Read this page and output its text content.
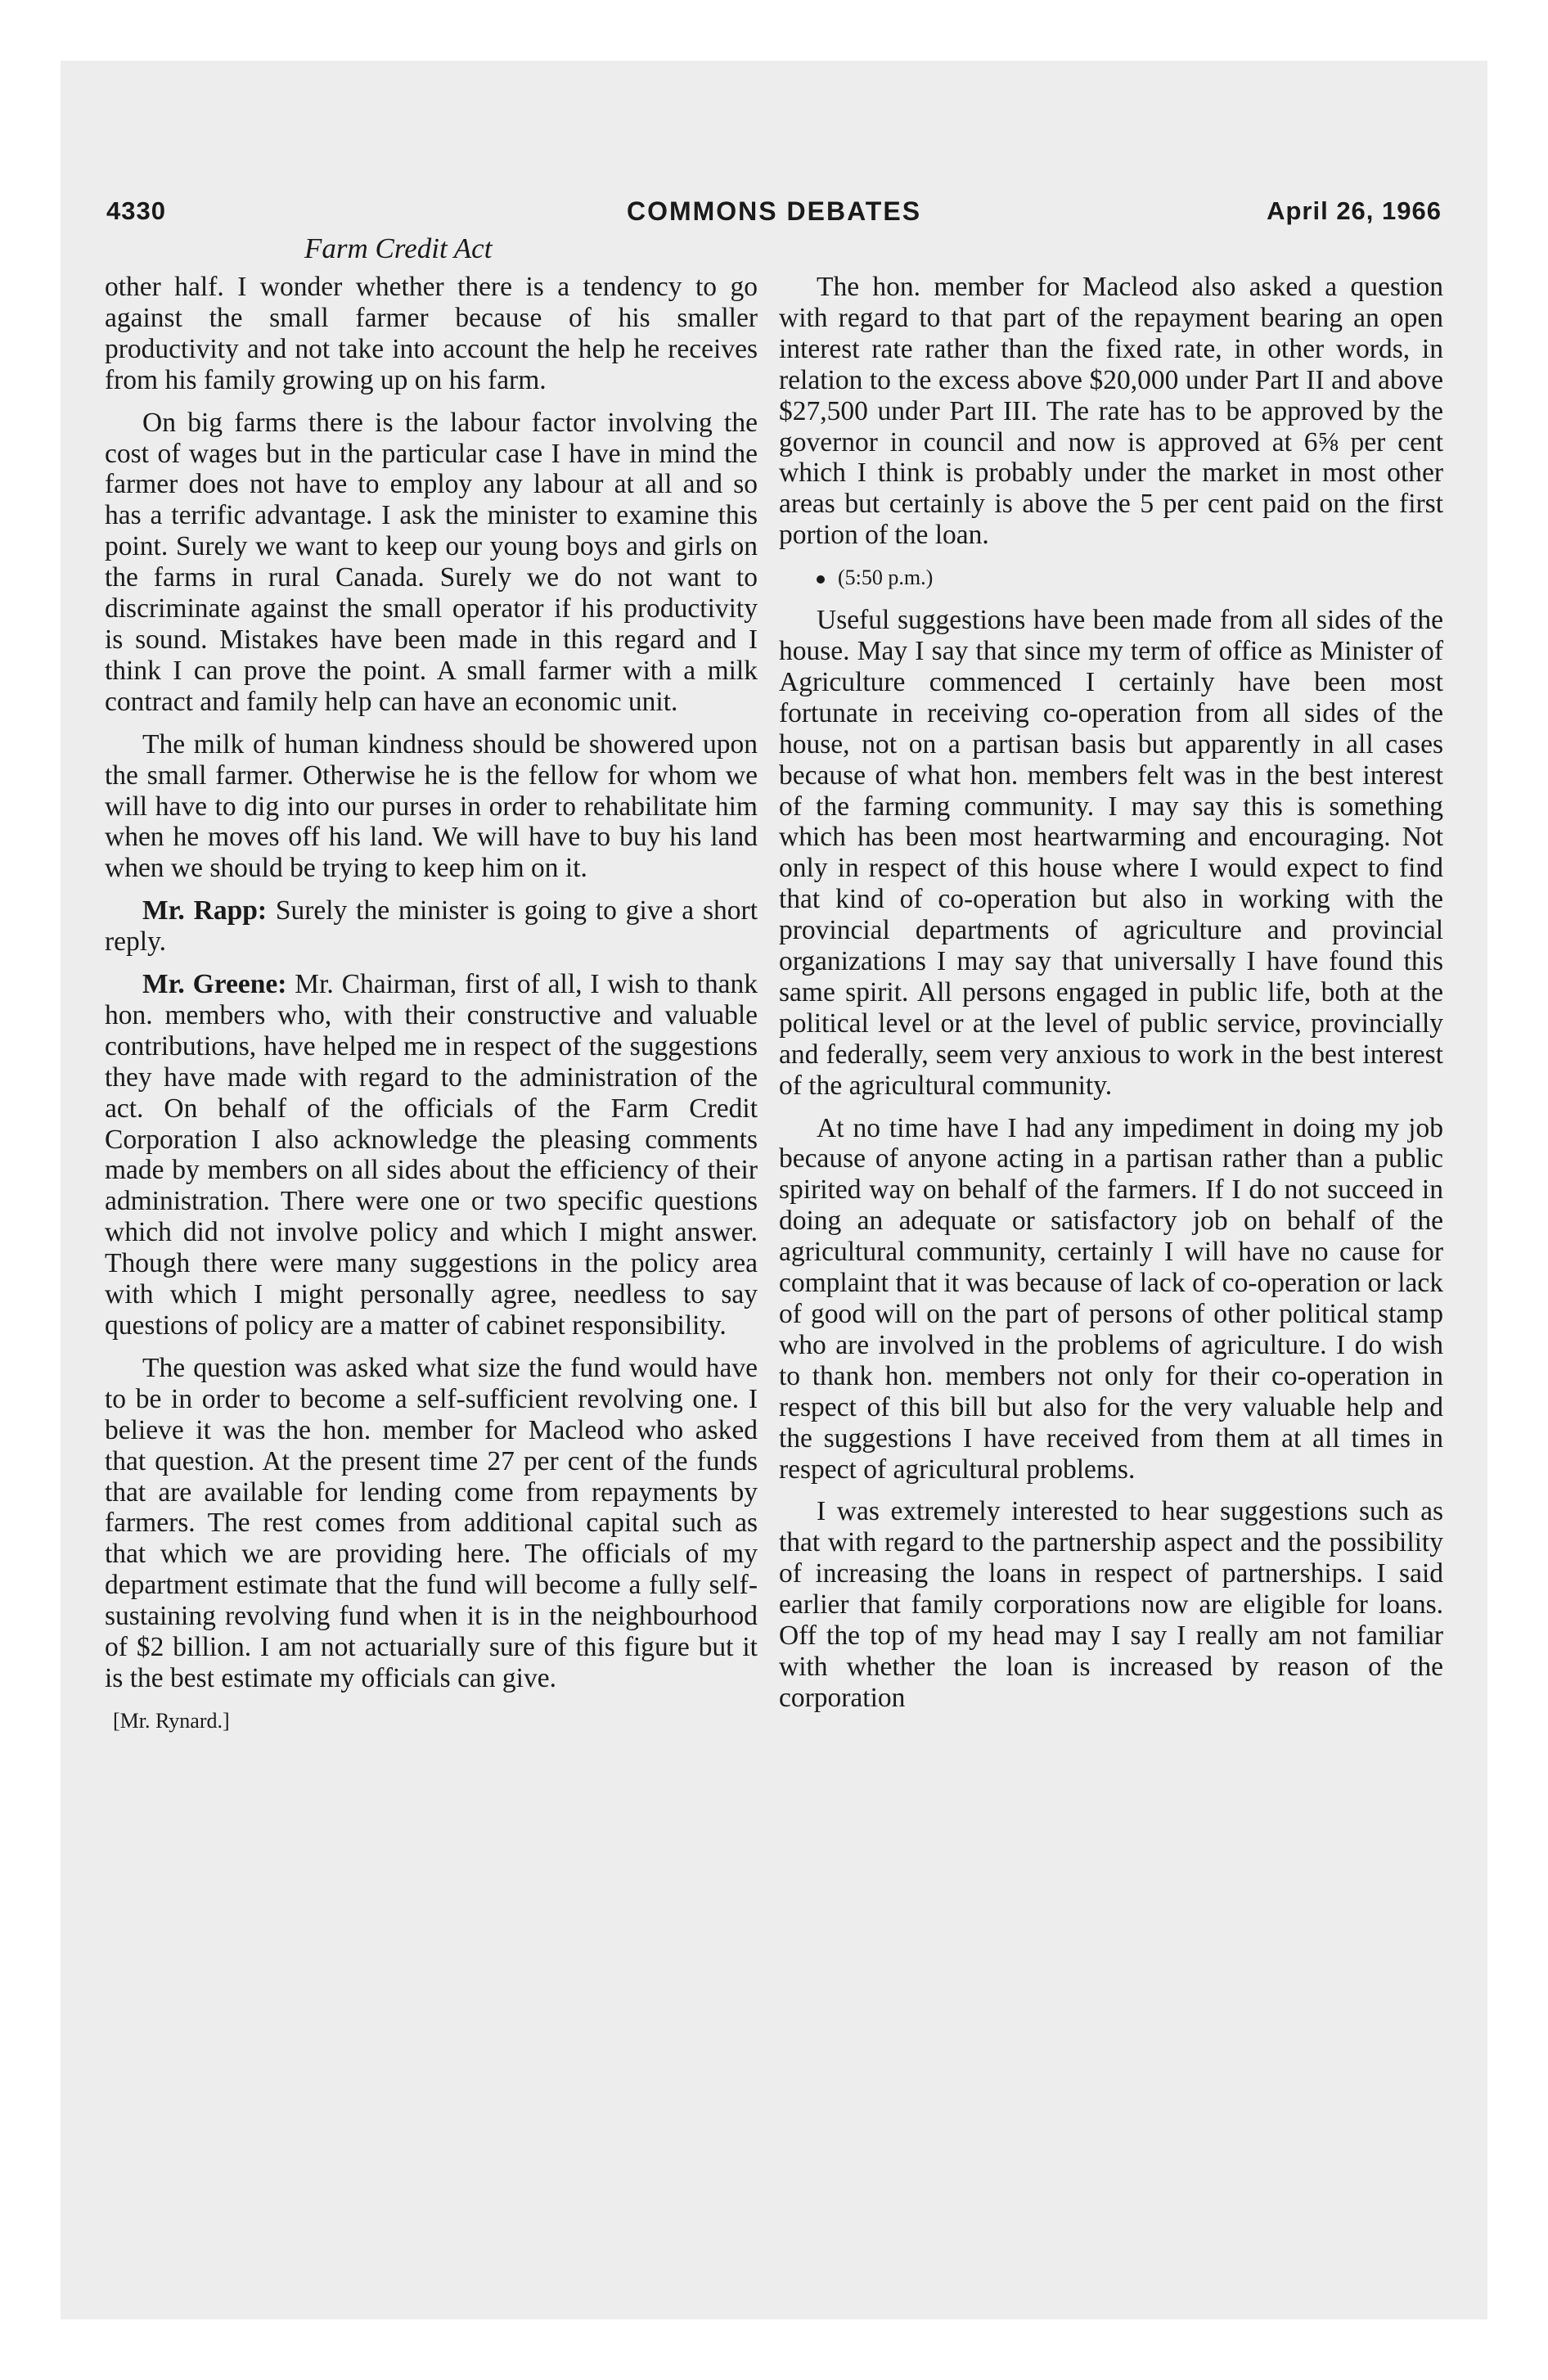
4330	COMMONS DEBATES	April 26, 1966
Farm Credit Act

other half. I wonder whether there is a tendency to go against the small farmer because of his smaller productivity and not take into account the help he receives from his family growing up on his farm.

On big farms there is the labour factor involving the cost of wages but in the particular case I have in mind the farmer does not have to employ any labour at all and so has a terrific advantage. I ask the minister to examine this point. Surely we want to keep our young boys and girls on the farms in rural Canada. Surely we do not want to discriminate against the small operator if his productivity is sound. Mistakes have been made in this regard and I think I can prove the point. A small farmer with a milk contract and family help can have an economic unit.

The milk of human kindness should be showered upon the small farmer. Otherwise he is the fellow for whom we will have to dig into our purses in order to rehabilitate him when he moves off his land. We will have to buy his land when we should be trying to keep him on it.

Mr. Rapp: Surely the minister is going to give a short reply.

Mr. Greene: Mr. Chairman, first of all, I wish to thank hon. members who, with their constructive and valuable contributions, have helped me in respect of the suggestions they have made with regard to the administration of the act. On behalf of the officials of the Farm Credit Corporation I also acknowledge the pleasing comments made by members on all sides about the efficiency of their administration. There were one or two specific questions which did not involve policy and which I might answer. Though there were many suggestions in the policy area with which I might personally agree, needless to say questions of policy are a matter of cabinet responsibility.

The question was asked what size the fund would have to be in order to become a self-sufficient revolving one. I believe it was the hon. member for Macleod who asked that question. At the present time 27 per cent of the funds that are available for lending come from repayments by farmers. The rest comes from additional capital such as that which we are providing here. The officials of my department estimate that the fund will become a fully self-sustaining revolving fund when it is in the neighbourhood of $2 billion. I am not actuarially sure of this figure but it is the best estimate my officials can give.

[Mr. Rynard.]

The hon. member for Macleod also asked a question with regard to that part of the repayment bearing an open interest rate rather than the fixed rate, in other words, in relation to the excess above $20,000 under Part II and above $27,500 under Part III. The rate has to be approved by the governor in council and now is approved at 6⅝ per cent which I think is probably under the market in most other areas but certainly is above the 5 per cent paid on the first portion of the loan.

(5:50 p.m.)

Useful suggestions have been made from all sides of the house. May I say that since my term of office as Minister of Agriculture commenced I certainly have been most fortunate in receiving co-operation from all sides of the house, not on a partisan basis but apparently in all cases because of what hon. members felt was in the best interest of the farming community. I may say this is something which has been most heartwarming and encouraging. Not only in respect of this house where I would expect to find that kind of co-operation but also in working with the provincial departments of agriculture and provincial organizations I may say that universally I have found this same spirit. All persons engaged in public life, both at the political level or at the level of public service, provincially and federally, seem very anxious to work in the best interest of the agricultural community.

At no time have I had any impediment in doing my job because of anyone acting in a partisan rather than a public spirited way on behalf of the farmers. If I do not succeed in doing an adequate or satisfactory job on behalf of the agricultural community, certainly I will have no cause for complaint that it was because of lack of co-operation or lack of good will on the part of persons of other political stamp who are involved in the problems of agriculture. I do wish to thank hon. members not only for their co-operation in respect of this bill but also for the very valuable help and the suggestions I have received from them at all times in respect of agricultural problems.

I was extremely interested to hear suggestions such as that with regard to the partnership aspect and the possibility of increasing the loans in respect of partnerships. I said earlier that family corporations now are eligible for loans. Off the top of my head may I say I really am not familiar with whether the loan is increased by reason of the corporation
